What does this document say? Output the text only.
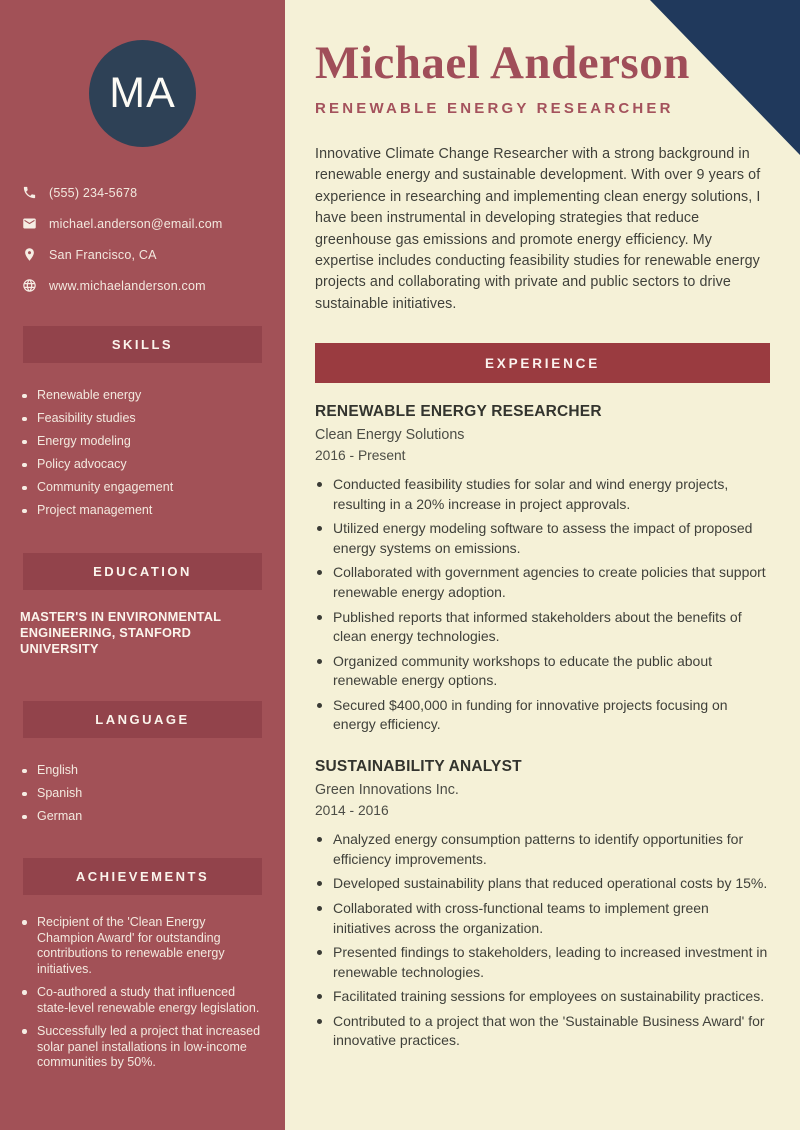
MA
(555) 234-5678
michael.anderson@email.com
San Francisco, CA
www.michaelanderson.com
SKILLS
Renewable energy
Feasibility studies
Energy modeling
Policy advocacy
Community engagement
Project management
EDUCATION
MASTER'S IN ENVIRONMENTAL ENGINEERING, STANFORD UNIVERSITY
LANGUAGE
English
Spanish
German
ACHIEVEMENTS
Recipient of the 'Clean Energy Champion Award' for outstanding contributions to renewable energy initiatives.
Co-authored a study that influenced state-level renewable energy legislation.
Successfully led a project that increased solar panel installations in low-income communities by 50%.
Michael Anderson
RENEWABLE ENERGY RESEARCHER

Innovative Climate Change Researcher with a strong background in renewable energy and sustainable development. With over 9 years of experience in researching and implementing clean energy solutions, I have been instrumental in developing strategies that reduce greenhouse gas emissions and promote energy efficiency. My expertise includes conducting feasibility studies for renewable energy projects and collaborating with private and public sectors to drive sustainable initiatives.

EXPERIENCE
RENEWABLE ENERGY RESEARCHER
Clean Energy Solutions
2016 - Present
Conducted feasibility studies for solar and wind energy projects, resulting in a 20% increase in project approvals.
Utilized energy modeling software to assess the impact of proposed energy systems on emissions.
Collaborated with government agencies to create policies that support renewable energy adoption.
Published reports that informed stakeholders about the benefits of clean energy technologies.
Organized community workshops to educate the public about renewable energy options.
Secured $400,000 in funding for innovative projects focusing on energy efficiency.
SUSTAINABILITY ANALYST
Green Innovations Inc.
2014 - 2016
Analyzed energy consumption patterns to identify opportunities for efficiency improvements.
Developed sustainability plans that reduced operational costs by 15%.
Collaborated with cross-functional teams to implement green initiatives across the organization.
Presented findings to stakeholders, leading to increased investment in renewable technologies.
Facilitated training sessions for employees on sustainability practices.
Contributed to a project that won the 'Sustainable Business Award' for innovative practices.
